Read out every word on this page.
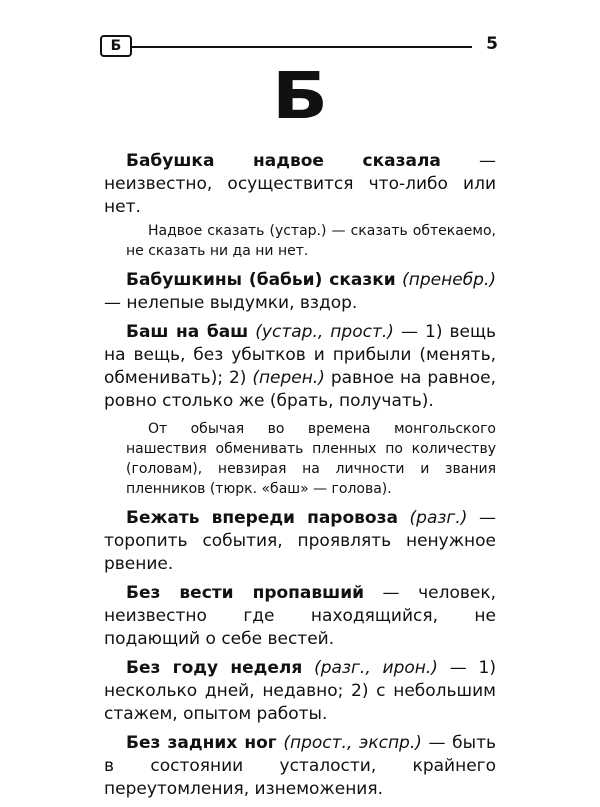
Б	5
Б

Бабушка надвое сказала — неизвестно, осуществится что-либо или нет.

Надвое сказать (устар.) — сказать обтекаемо, не сказать ни да ни нет.

Бабушкины (бабьи) сказки (пренебр.) — нелепые выдумки, вздор.

Баш на баш (устар., прост.) — 1) вещь на вещь, без убытков и прибыли (менять, обменивать); 2) (перен.) равное на равное, ровно столько же (брать, получать).

От обычая во времена монгольского нашествия обменивать пленных по количеству (головам), невзирая на личности и звания пленников (тюрк. «баш» — голова).

Бежать впереди паровоза (разг.) — торопить события, проявлять ненужное рвение.

Без вести пропавший — человек, неизвестно где находящийся, не подающий о себе вестей.

Без году неделя (разг., ирон.) — 1) несколько дней, недавно; 2) с небольшим стажем, опытом работы.

Без задних ног (прост., экспр.) — быть в состоянии усталости, крайнего переутомления, изнеможения.
